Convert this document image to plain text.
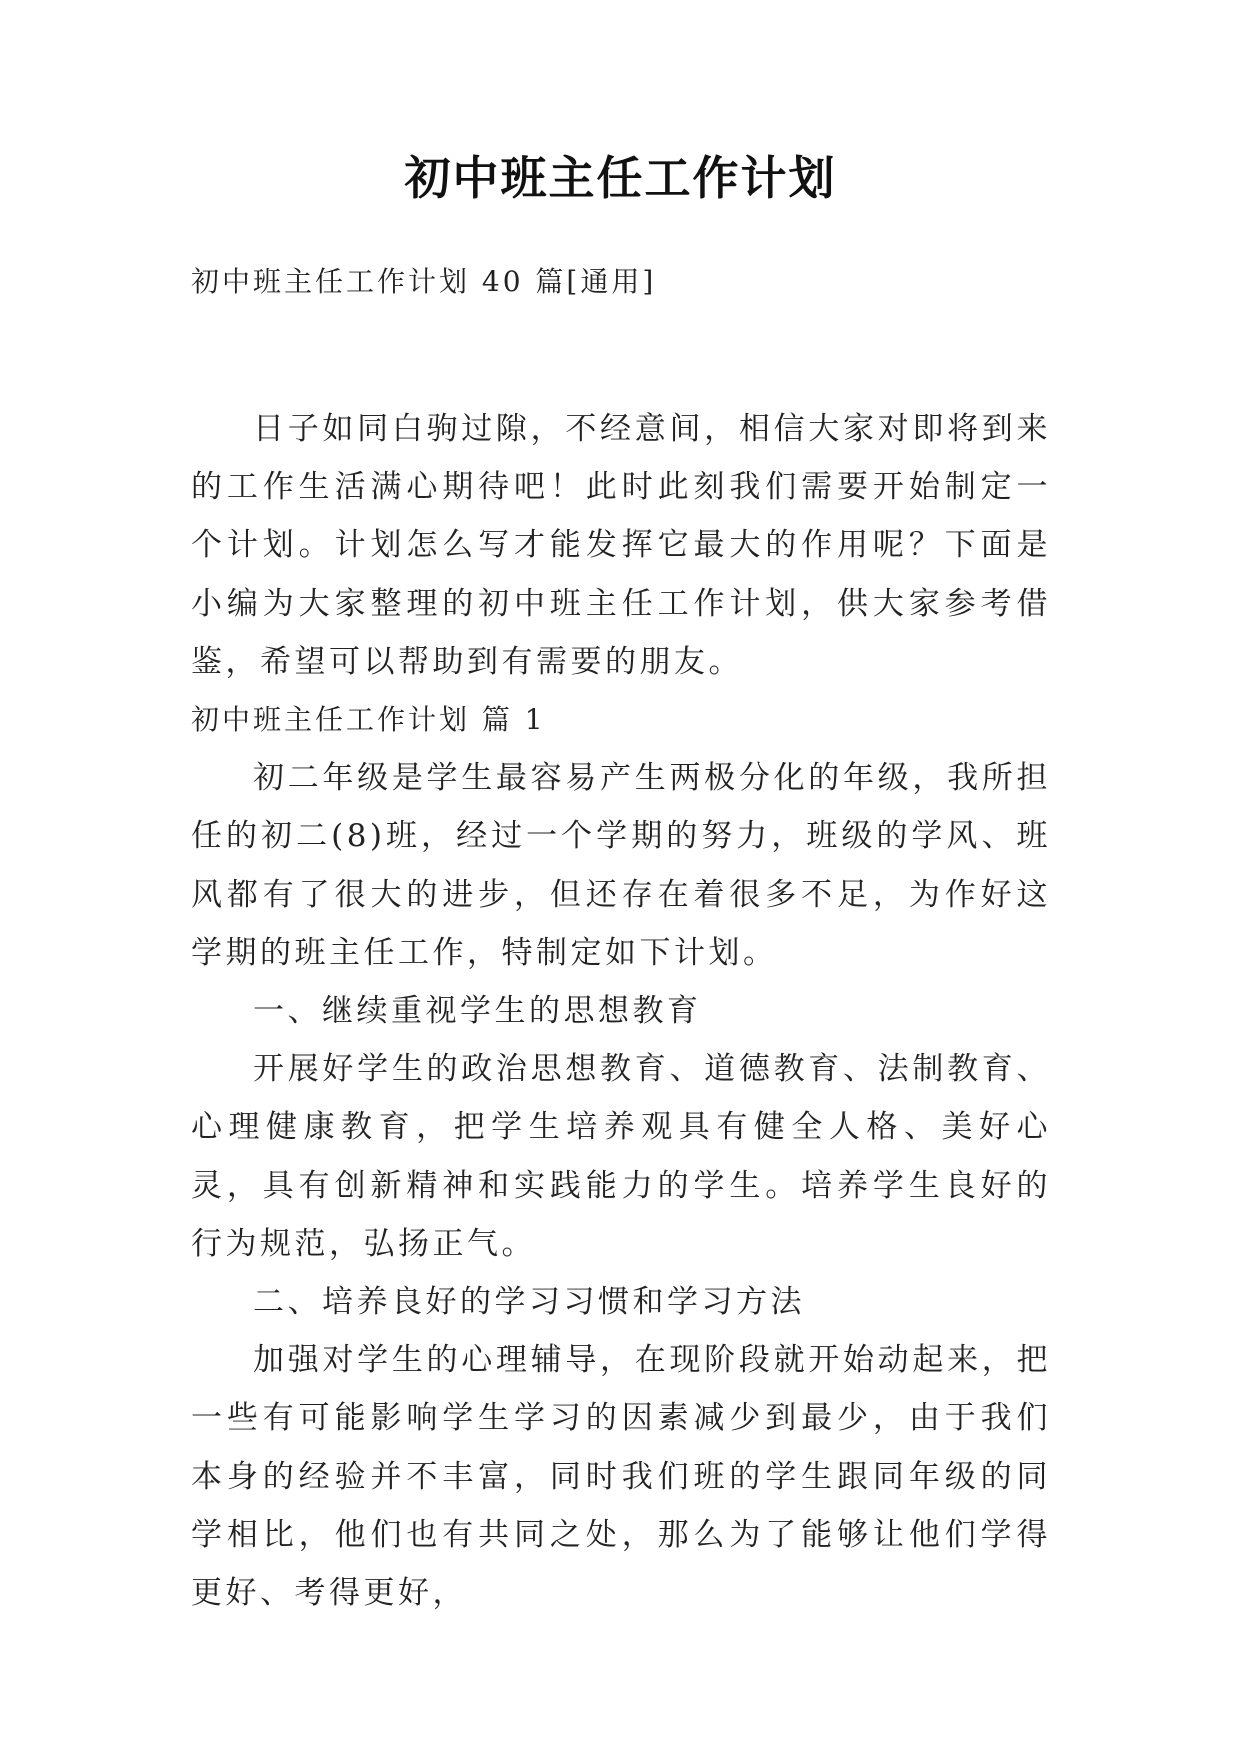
初中班主任工作计划
初中班主任工作计划 40 篇[通用]

日子如同白驹过隙，不经意间，相信大家对即将到来的工作生活满心期待吧！此时此刻我们需要开始制定一个计划。计划怎么写才能发挥它最大的作用呢？下面是小编为大家整理的初中班主任工作计划，供大家参考借鉴，希望可以帮助到有需要的朋友。

初中班主任工作计划 篇 1

初二年级是学生最容易产生两极分化的年级，我所担任的初二(8)班，经过一个学期的努力，班级的学风、班风都有了很大的进步，但还存在着很多不足，为作好这学期的班主任工作，特制定如下计划。

一、继续重视学生的思想教育

开展好学生的政治思想教育、道德教育、法制教育、心理健康教育，把学生培养观具有健全人格、美好心灵，具有创新精神和实践能力的学生。培养学生良好的行为规范，弘扬正气。

二、培养良好的学习习惯和学习方法

加强对学生的心理辅导，在现阶段就开始动起来，把一些有可能影响学生学习的因素减少到最少，由于我们本身的经验并不丰富，同时我们班的学生跟同年级的同学相比，他们也有共同之处，那么为了能够让他们学得更好、考得更好，
